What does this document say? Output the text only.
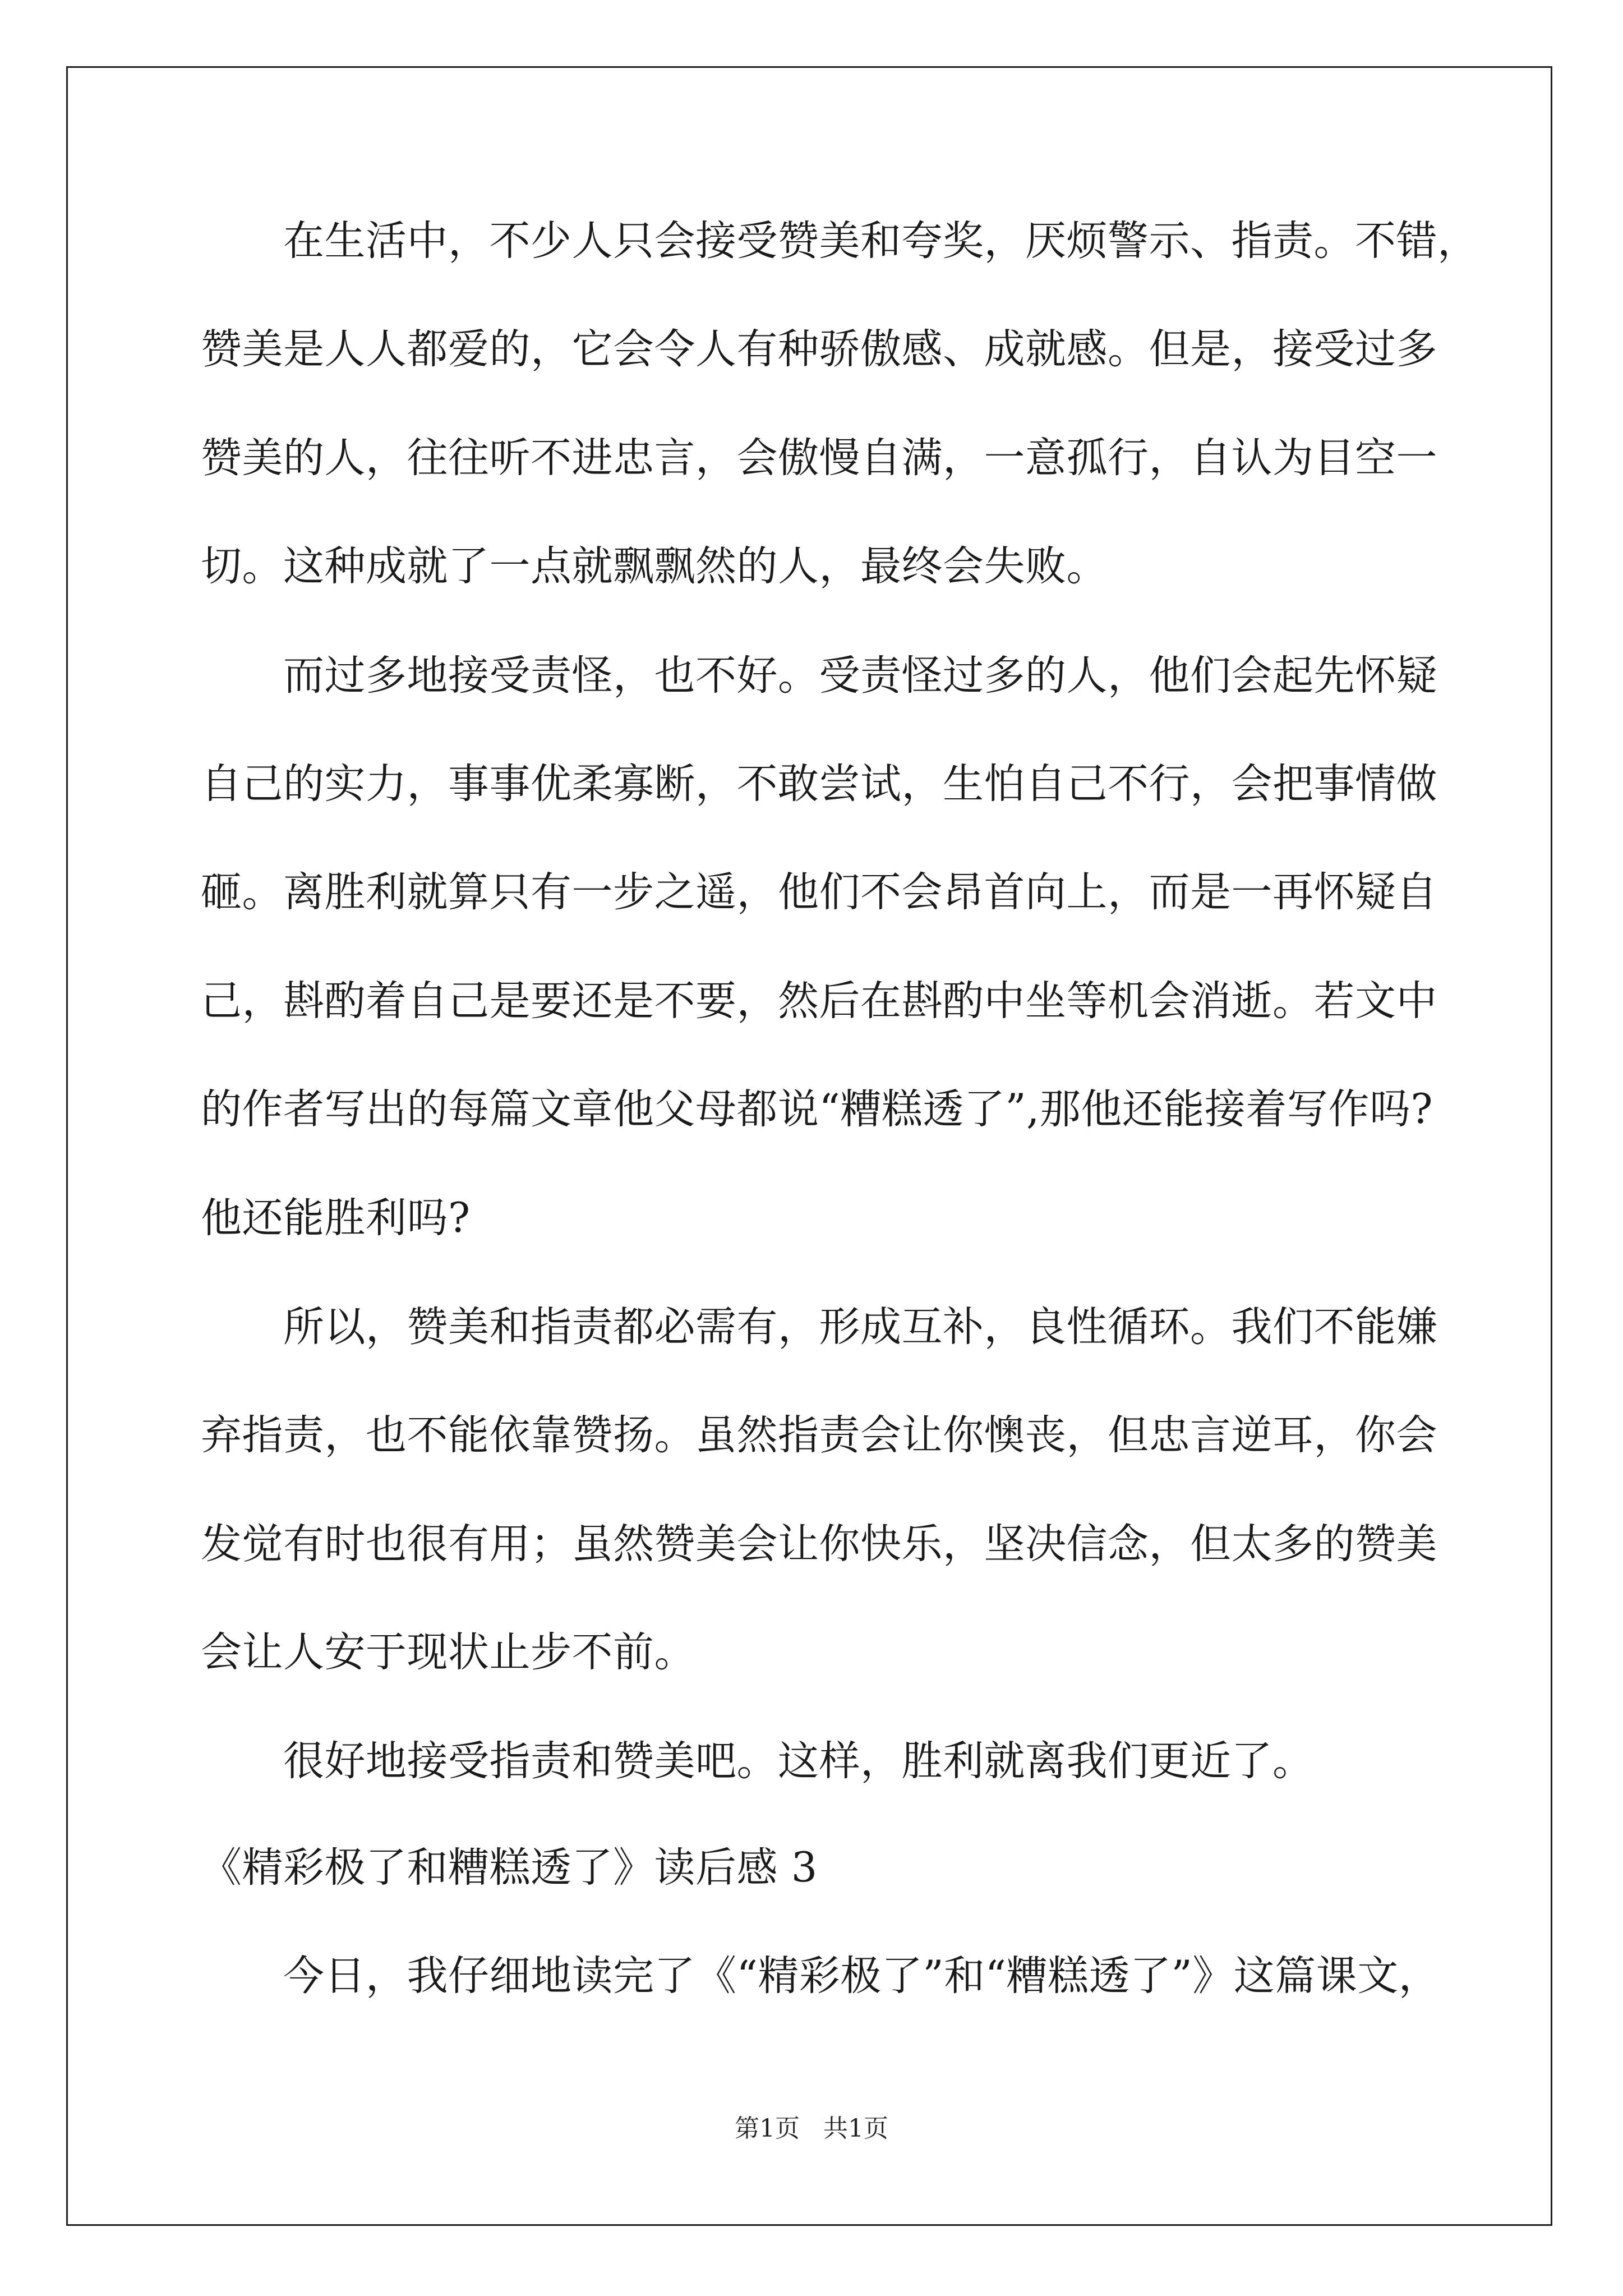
在生活中，不少人只会接受赞美和夸奖，厌烦警示、指责。不错，
赞美是人人都爱的，它会令人有种骄傲感、成就感。但是，接受过多
赞美的人，往往听不进忠言，会傲慢自满，一意孤行，自认为目空一
切。这种成就了一点就飘飘然的人，最终会失败。
而过多地接受责怪，也不好。受责怪过多的人，他们会起先怀疑
自己的实力，事事优柔寡断，不敢尝试，生怕自己不行，会把事情做
砸。离胜利就算只有一步之遥，他们不会昂首向上，而是一再怀疑自
己，斟酌着自己是要还是不要，然后在斟酌中坐等机会消逝。若文中
的作者写出的每篇文章他父母都说“糟糕透了”,那他还能接着写作吗?
他还能胜利吗?
所以，赞美和指责都必需有，形成互补，良性循环。我们不能嫌
弃指责，也不能依靠赞扬。虽然指责会让你懊丧，但忠言逆耳，你会
发觉有时也很有用；虽然赞美会让你快乐，坚决信念，但太多的赞美
会让人安于现状止步不前。
很好地接受指责和赞美吧。这样，胜利就离我们更近了。
《精彩极了和糟糕透了》读后感 3
今日，我仔细地读完了《“精彩极了”和“糟糕透了”》这篇课文，
第1页 共1页
